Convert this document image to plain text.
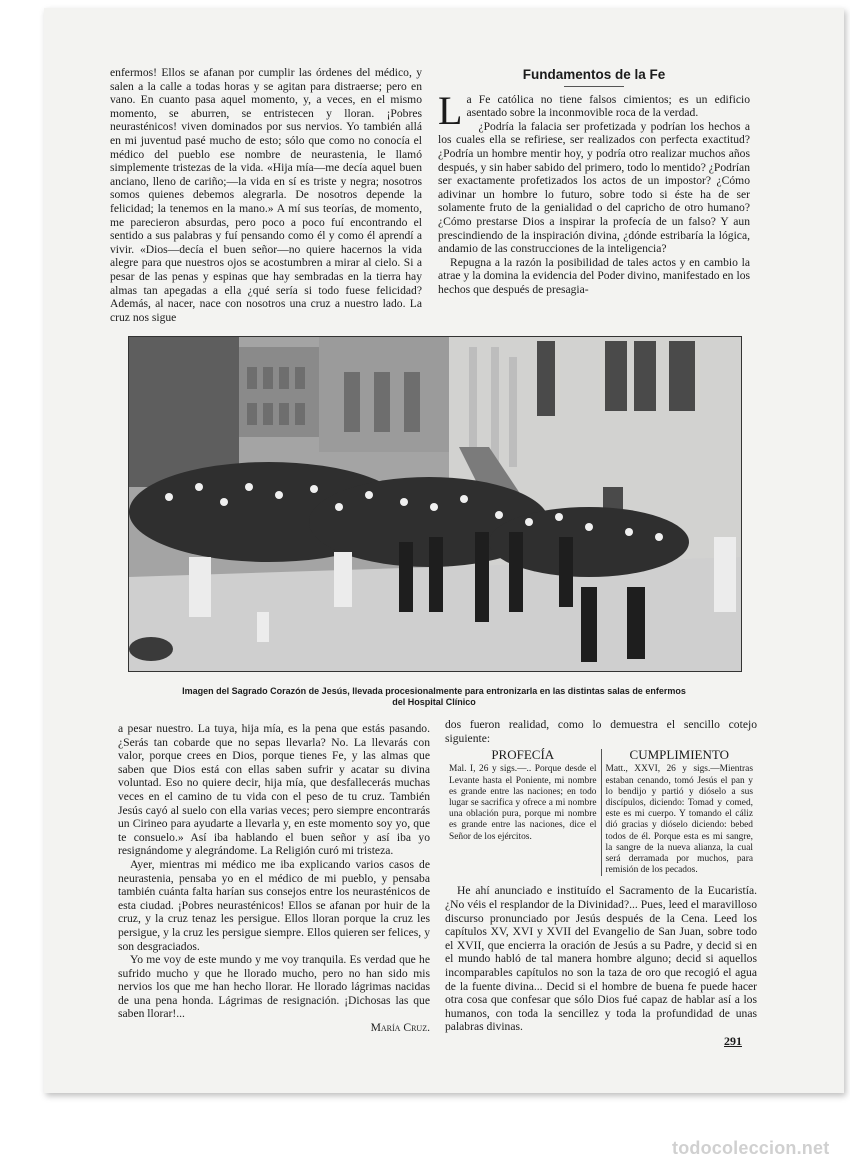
enfermos! Ellos se afanan por cumplir las órdenes del médico, y salen a la calle a todas horas y se agitan para distraerse; pero en vano. En cuanto pasa aquel momento, y, a veces, en el mismo momento, se aburren, se entristecen y lloran. ¡Pobres neurasténicos! viven dominados por sus nervios. Yo también allá en mi juventud pasé mucho de esto; sólo que como no conocía el médico del pueblo ese nombre de neurastenia, le llamó simplemente tristezas de la vida. «Hija mía—me decía aquel buen anciano, lleno de cariño;—la vida en sí es triste y negra; nosotros somos quienes debemos alegrarla. De nosotros depende la felicidad; la tenemos en la mano.» A mí sus teorías, de momento, me parecieron absurdas, pero poco a poco fuí encontrando el sentido a sus palabras y fuí pensando como él y como él aprendí a vivir. «Dios—decía el buen señor—no quiere hacernos la vida alegre para que nuestros ojos se acostumbren a mirar al cielo. Si a pesar de las penas y espinas que hay sembradas en la tierra hay almas tan apegadas a ella ¿qué sería si todo fuese felicidad? Además, al nacer, nace con nosotros una cruz a nuestro lado. La cruz nos sigue

Fundamentos de la Fe

La Fe católica no tiene falsos cimientos; es un edificio asentado sobre la inconmovible roca de la verdad.

¿Podría la falacia ser profetizada y podrían los hechos a los cuales ella se refiriese, ser realizados con perfecta exactitud? ¿Podría un hombre mentir hoy, y podría otro realizar muchos años después, y sin haber sabido del primero, todo lo mentido? ¿Podrían ser exactamente profetizados los actos de un impostor? ¿Cómo adivinar un hombre lo futuro, sobre todo si éste ha de ser solamente fruto de la genialidad o del capricho de otro humano? ¿Cómo prestarse Dios a inspirar la profecía de un falso? Y aun prescindiendo de la inspiración divina, ¿dónde estribaría la lógica, andamio de las construcciones de la inteligencia?

Repugna a la razón la posibilidad de tales actos y en cambio la atrae y la domina la evidencia del Poder divino, manifestado en los hechos que después de presagia-

Imagen del Sagrado Corazón de Jesús, llevada procesionalmente para entronizarla en las distintas salas de enfermos
del Hospital Clínico

a pesar nuestro. La tuya, hija mía, es la pena que estás pasando. ¿Serás tan cobarde que no sepas llevarla? No. La llevarás con valor, porque crees en Dios, porque tienes Fe, y las almas que saben que Dios está con ellas saben sufrir y acatar su divina voluntad. Eso no quiere decir, hija mía, que desfallecerás muchas veces en el camino de tu vida con el peso de tu cruz. También Jesús cayó al suelo con ella varias veces; pero siempre encontrarás un Cirineo para ayudarte a llevarla y, en este momento soy yo, que te consuelo.» Así iba hablando el buen señor y así iba yo resignándome y alegrándome. La Religión curó mi tristeza.

Ayer, mientras mi médico me iba explicando varios casos de neurastenia, pensaba yo en el médico de mi pueblo, y pensaba también cuánta falta harían sus consejos entre los neurasténicos de esta ciudad. ¡Pobres neurasténicos! Ellos se afanan por huir de la cruz, y la cruz tenaz les persigue. Ellos lloran porque la cruz les persigue, y la cruz les persigue siempre. Ellos quieren ser felices, y son desgraciados.

Yo me voy de este mundo y me voy tranquila. Es verdad que he sufrido mucho y que he llorado mucho, pero no han sido mis nervios los que me han hecho llorar. He llorado lágrimas nacidas de una pena honda. Lágrimas de resignación. ¡Dichosas las que saben llorar!...

María Cruz.

dos fueron realidad, como lo demuestra el sencillo cotejo siguiente:

PROFECÍA
Mal. I, 26 y sigs.—.. Porque desde el Levante hasta el Poniente, mi nombre es grande entre las naciones; en todo lugar se sacrifica y ofrece a mi nombre una oblación pura, porque mi nombre es grande entre las naciones, dice el Señor de los ejércitos.
CUMPLIMIENTO
Matt., XXVI, 26 y sigs.—Mientras estaban cenando, tomó Jesús el pan y lo bendijo y partió y dióselo a sus discípulos, diciendo: Tomad y comed, este es mi cuerpo. Y tomando el cáliz dió gracias y dióselo diciendo: bebed todos de él. Porque esta es mi sangre, la sangre de la nueva alianza, la cual será derramada por muchos, para remisión de los pecados.

He ahí anunciado e instituído el Sacramento de la Eucaristía. ¿No véis el resplandor de la Divinidad?... Pues, leed el maravilloso discurso pronunciado por Jesús después de la Cena. Leed los capítulos XV, XVI y XVII del Evangelio de San Juan, sobre todo el XVII, que encierra la oración de Jesús a su Padre, y decid si en el mundo habló de tal manera hombre alguno; decid si aquellos incomparables capítulos no son la taza de oro que recogió el agua de la fuente divina... Decid si el hombre de buena fe puede hacer otra cosa que confesar que sólo Dios fué capaz de hablar así a los humanos, con toda la sencillez y toda la profundidad de unas palabras divinas.

291
todocoleccion.net
